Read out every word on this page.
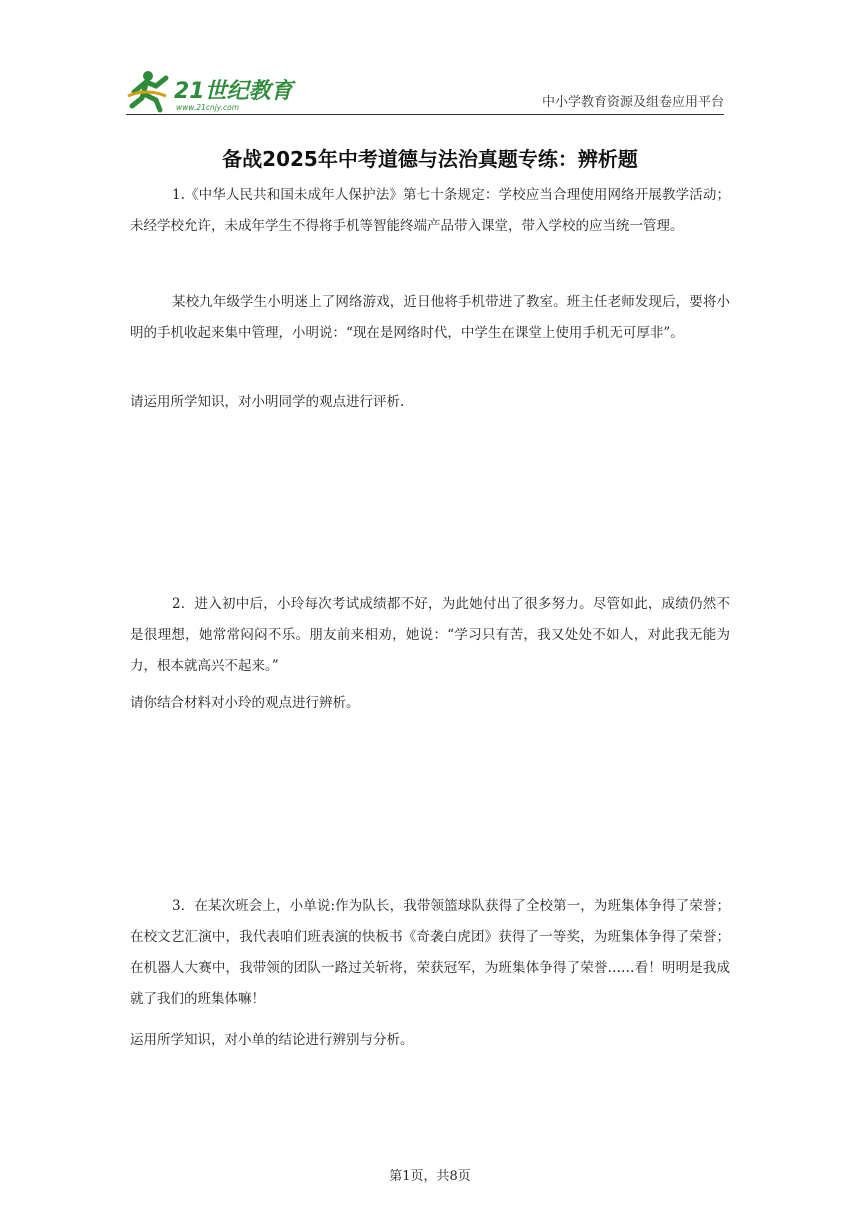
21世纪教育
www.21cnjy.com	中小学教育资源及组卷应用平台
备战2025年中考道德与法治真题专练：辨析题

1.《中华人民共和国未成年人保护法》第七十条规定：学校应当合理使用网络开展教学活动；未经学校允许，未成年学生不得将手机等智能终端产品带入课堂，带入学校的应当统一管理。

某校九年级学生小明迷上了网络游戏，近日他将手机带进了教室。班主任老师发现后，要将小明的手机收起来集中管理，小明说：“现在是网络时代，中学生在课堂上使用手机无可厚非”。

请运用所学知识，对小明同学的观点进行评析.

2．进入初中后，小玲每次考试成绩都不好，为此她付出了很多努力。尽管如此，成绩仍然不是很理想，她常常闷闷不乐。朋友前来相劝，她说：“学习只有苦，我又处处不如人，对此我无能为力，根本就高兴不起来。”

请你结合材料对小玲的观点进行辨析。

3．在某次班会上，小单说:作为队长，我带领篮球队获得了全校第一，为班集体争得了荣誉；在校文艺汇演中，我代表咱们班表演的快板书《奇袭白虎团》获得了一等奖，为班集体争得了荣誉；在机器人大赛中，我带领的团队一路过关斩将，荣获冠军，为班集体争得了荣誉……看！明明是我成就了我们的班集体嘛！

运用所学知识，对小单的结论进行辨别与分析。

第1页，共8页
